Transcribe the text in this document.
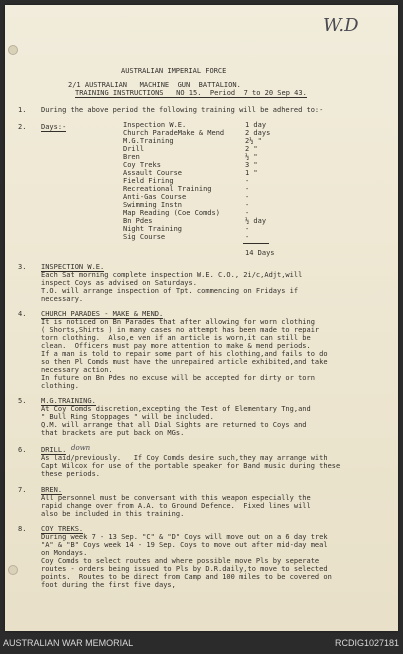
W.D
AUSTRALIAN IMPERIAL FORCE
2/1 AUSTRALIAN   MACHINE  GUN  BATTALION.
TRAINING INSTRUCTIONS   NO 15.  Period  7 to 20 Sep 43.
1. During the above period the following training will be adhered to:-
2. Days:-	Inspection W.E.	1 day
Church ParadeMake & Mend	2 days
M.G.Training	2½ "
Drill	2 "
Bren	½ "
Coy Treks	3 "
Assault Course	1 "
Field Firing	-
Recreational Training	-
Anti-Gas Course	-
Swimming Instn	-
Map Reading (Coe Comds)	-
Bn Pdes	½ day
Night Training	-
Sig Course	-
14 Days
3. INSPECTION W.E.
Each Sat morning complete inspection W.E. C.O., 2i/c,Adjt,will
inspect Coys as advised on Saturdays.
T.O. will arrange inspection of Tpt. commencing on Fridays if
necessary.
4. CHURCH PARADES - MAKE & MEND.
It is noticed on Bn Parades that after allowing for worn clothing
( Shorts,Shirts ) in many cases no attempt has been made to repair
torn clothing.  Also,e ven if an article is worn,it can still be
clean.  Officers must pay more attention to make & mend periods.
If a man is told to repair some part of his clothing,and fails to do
so then Pl Comds must have the unrepaired article exhibited,and take
necessary action.
In future on Bn Pdes no excuse will be accepted for dirty or torn
clothing.
5. M.G.TRAINING.
At Coy Comds discretion,excepting the Test of Elementary Tng,and
" Bull Ring Stoppages " will be included.
Q.M. will arrange that all Dial Sights are returned to Coys and
that brackets are put back on MGs.
6. DRILL. down
As laid/previously.   If Coy Comds desire such,they may arrange with
Capt Wilcox for use of the portable speaker for Band music during these
these periods.
7. BREN.
All personnel must be conversant with this weapon especially the
rapid change over from A.A. to Ground Defence.  Fixed lines will
also be included in this training.
8. COY TREKS.
During week 7 - 13 Sep. "C" & "D" Coys will move out on a 6 day trek
"A" & "B" Coys week 14 - 19 Sep. Coys to move out after mid-day meal
on Mondays.
Coy Comds to select routes and where possible move Pls by seperate
routes - orders being issued to Pls by D.R.daily,to move to selected
points.  Routes to be direct from Camp and 100 miles to be covered on
foot during the first five days,
AUSTRALIAN WAR MEMORIAL	RCDIG1027181
